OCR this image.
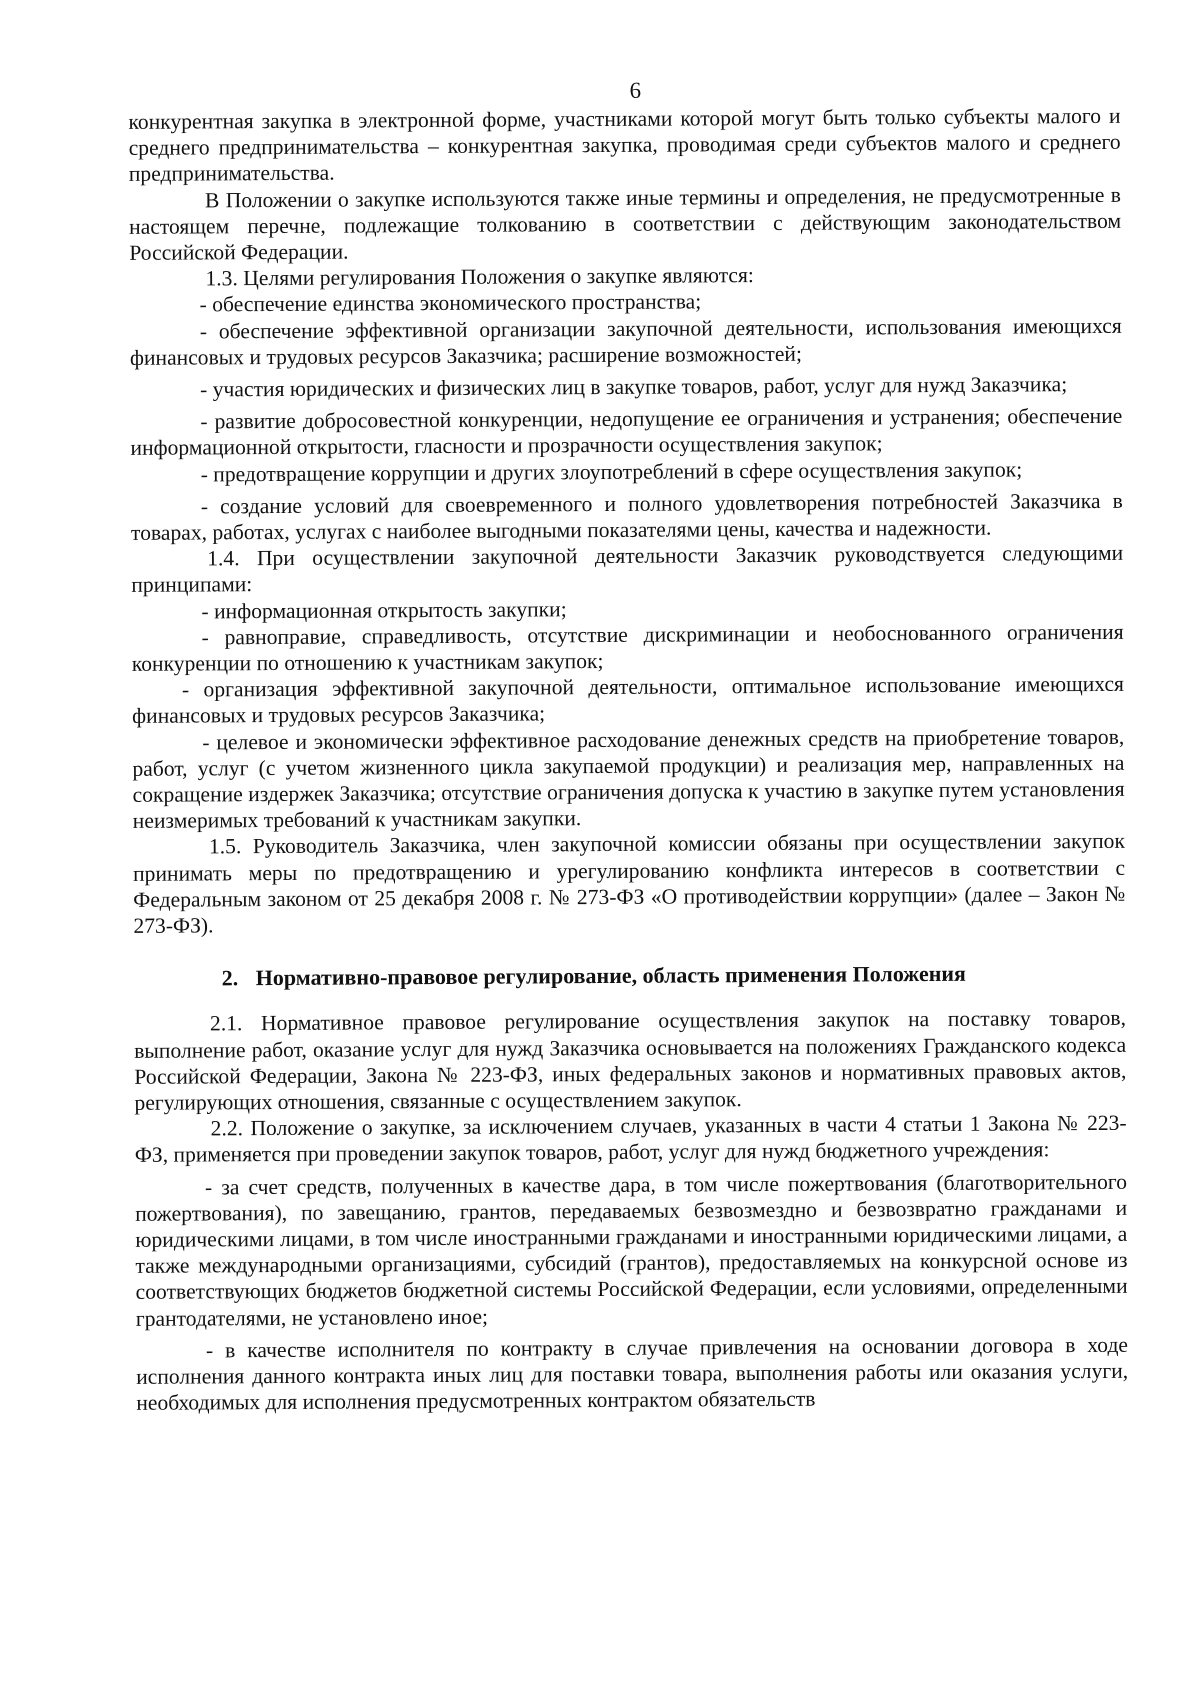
6

конкурентная закупка в электронной форме, участниками которой могут быть только субъекты малого и среднего предпринимательства – конкурентная закупка, проводимая среди субъектов малого и среднего предпринимательства.

В Положении о закупке используются также иные термины и определения, не предусмотренные в настоящем перечне, подлежащие толкованию в соответствии с действующим законодательством Российской Федерации.

1.3. Целями регулирования Положения о закупке являются:

- обеспечение единства экономического пространства;

- обеспечение эффективной организации закупочной деятельности, использования имеющихся финансовых и трудовых ресурсов Заказчика; расширение возможностей;

- участия юридических и физических лиц в закупке товаров, работ, услуг для нужд Заказчика;

- развитие добросовестной конкуренции, недопущение ее ограничения и устранения; обеспечение информационной открытости, гласности и прозрачности осуществления закупок;

- предотвращение коррупции и других злоупотреблений в сфере осуществления закупок;

- создание условий для своевременного и полного удовлетворения потребностей Заказчика в товарах, работах, услугах с наиболее выгодными показателями цены, качества и надежности.

1.4. При осуществлении закупочной деятельности Заказчик руководствуется следующими принципами:

- информационная открытость закупки;

- равноправие, справедливость, отсутствие дискриминации и необоснованного ограничения конкуренции по отношению к участникам закупок;

- организация эффективной закупочной деятельности, оптимальное использование имеющихся финансовых и трудовых ресурсов Заказчика;

- целевое и экономически эффективное расходование денежных средств на приобретение товаров, работ, услуг (с учетом жизненного цикла закупаемой продукции) и реализация мер, направленных на сокращение издержек Заказчика; отсутствие ограничения допуска к участию в закупке путем установления неизмеримых требований к участникам закупки.

1.5. Руководитель Заказчика, член закупочной комиссии обязаны при осуществлении закупок принимать меры по предотвращению и урегулированию конфликта интересов в соответствии с Федеральным законом от 25 декабря 2008 г. № 273-ФЗ «О противодействии коррупции» (далее – Закон № 273-ФЗ).

2. Нормативно-правовое регулирование, область применения Положения

2.1. Нормативное правовое регулирование осуществления закупок на поставку товаров, выполнение работ, оказание услуг для нужд Заказчика основывается на положениях Гражданского кодекса Российской Федерации, Закона № 223-ФЗ, иных федеральных законов и нормативных правовых актов, регулирующих отношения, связанные с осуществлением закупок.

2.2. Положение о закупке, за исключением случаев, указанных в части 4 статьи 1 Закона № 223-ФЗ, применяется при проведении закупок товаров, работ, услуг для нужд бюджетного учреждения:

- за счет средств, полученных в качестве дара, в том числе пожертвования (благотворительного пожертвования), по завещанию, грантов, передаваемых безвозмездно и безвозвратно гражданами и юридическими лицами, в том числе иностранными гражданами и иностранными юридическими лицами, а также международными организациями, субсидий (грантов), предоставляемых на конкурсной основе из соответствующих бюджетов бюджетной системы Российской Федерации, если условиями, определенными грантодателями, не установлено иное;

- в качестве исполнителя по контракту в случае привлечения на основании договора в ходе исполнения данного контракта иных лиц для поставки товара, выполнения работы или оказания услуги, необходимых для исполнения предусмотренных контрактом обязательств
